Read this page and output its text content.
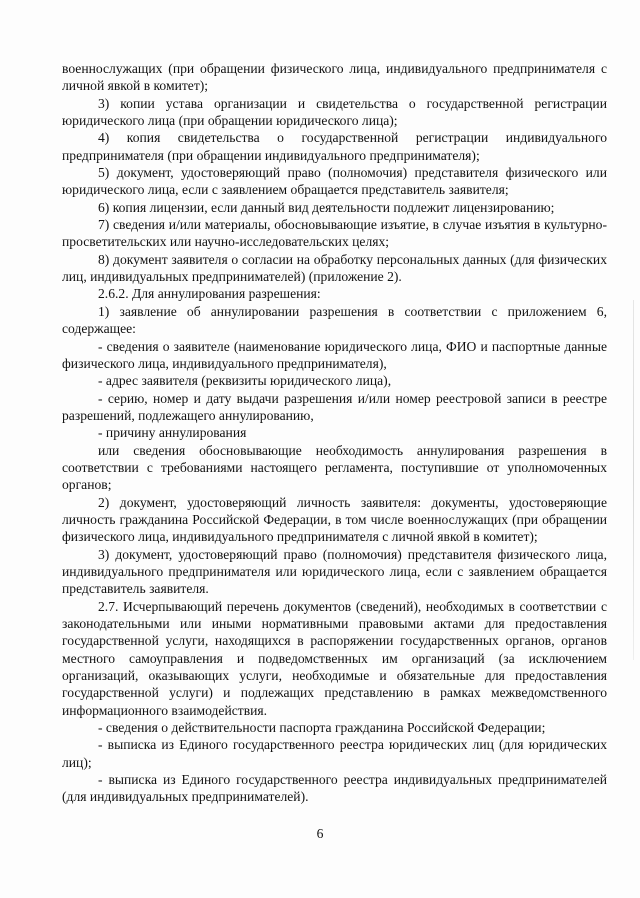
военнослужащих (при обращении физического лица, индивидуального предпринимателя с личной явкой в комитет);

3) копии устава организации и свидетельства о государственной регистрации юридического лица (при обращении юридического лица);

4) копия свидетельства о государственной регистрации индивидуального предпринимателя (при обращении индивидуального предпринимателя);

5) документ, удостоверяющий право (полномочия) представителя физического или юридического лица, если с заявлением обращается представитель заявителя;

6) копия лицензии, если данный вид деятельности подлежит лицензированию;

7) сведения и/или материалы, обосновывающие изъятие, в случае изъятия в культурно-просветительских или научно-исследовательских целях;

8) документ заявителя о согласии на обработку персональных данных (для физических лиц, индивидуальных предпринимателей) (приложение 2).

2.6.2. Для аннулирования разрешения:

1) заявление об аннулировании разрешения в соответствии с приложением 6, содержащее:

- сведения о заявителе (наименование юридического лица, ФИО и паспортные данные физического лица, индивидуального предпринимателя),

- адрес заявителя (реквизиты юридического лица),

- серию, номер и дату выдачи разрешения и/или номер реестровой записи в реестре разрешений, подлежащего аннулированию,

- причину аннулирования

или сведения обосновывающие необходимость аннулирования разрешения в соответствии с требованиями настоящего регламента, поступившие от уполномоченных органов;

2) документ, удостоверяющий личность заявителя: документы, удостоверяющие личность гражданина Российской Федерации, в том числе военнослужащих (при обращении физического лица, индивидуального предпринимателя с личной явкой в комитет);

3) документ, удостоверяющий право (полномочия) представителя физического лица, индивидуального предпринимателя или юридического лица, если с заявлением обращается представитель заявителя.

2.7. Исчерпывающий перечень документов (сведений), необходимых в соответствии с законодательными или иными нормативными правовыми актами для предоставления государственной услуги, находящихся в распоряжении государственных органов, органов местного самоуправления и подведомственных им организаций (за исключением организаций, оказывающих услуги, необходимые и обязательные для предоставления государственной услуги) и подлежащих представлению в рамках межведомственного информационного взаимодействия.

- сведения о действительности паспорта гражданина Российской Федерации;

- выписка из Единого государственного реестра юридических лиц (для юридических лиц);

- выписка из Единого государственного реестра индивидуальных предпринимателей (для индивидуальных предпринимателей).

6
